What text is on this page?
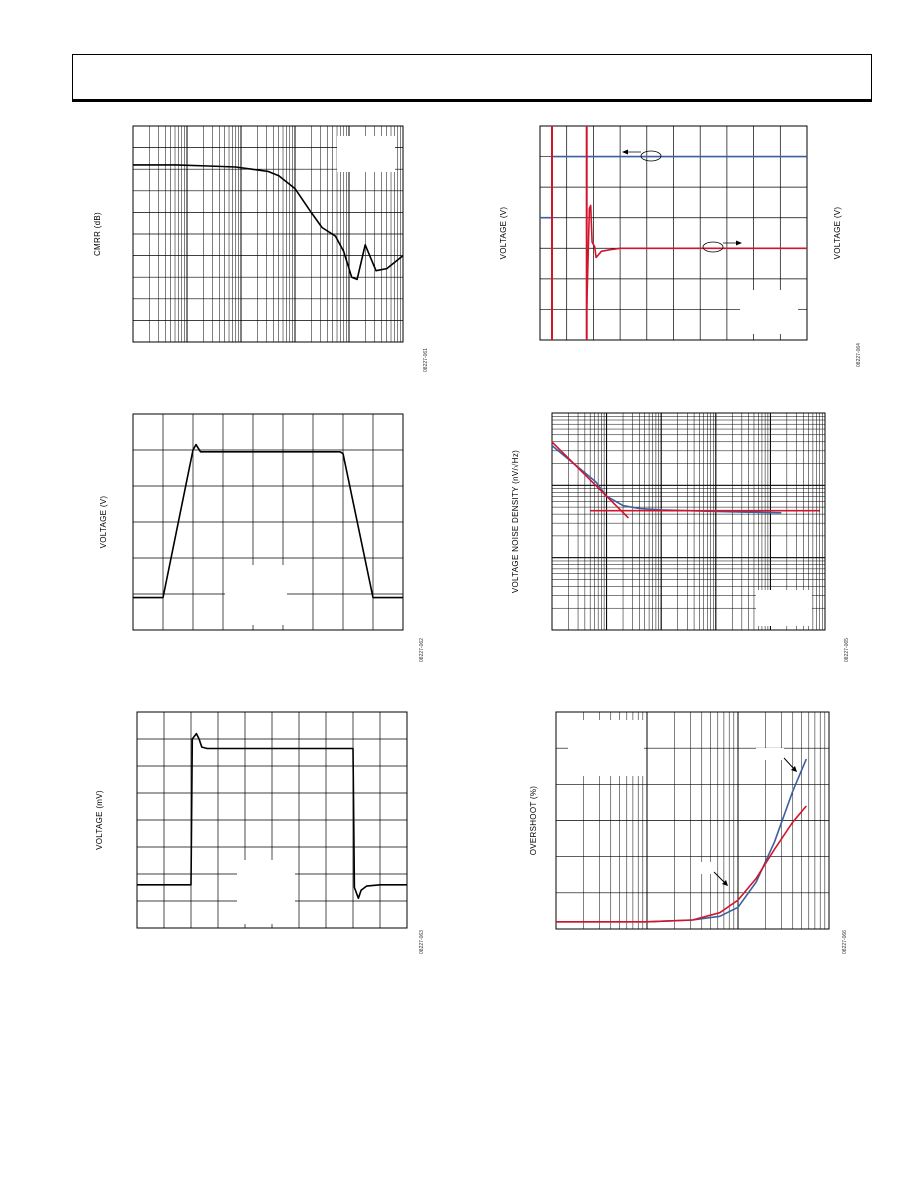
CMRR (dB)
08227-061
VOLTAGE (V)
08227-062
VOLTAGE (mV)
08227-063
VOLTAGE (V)	VOLTAGE (V)
08227-064
VOLTAGE NOISE DENSITY (nV/√Hz)
08227-065
OVERSHOOT (%)
08227-066
